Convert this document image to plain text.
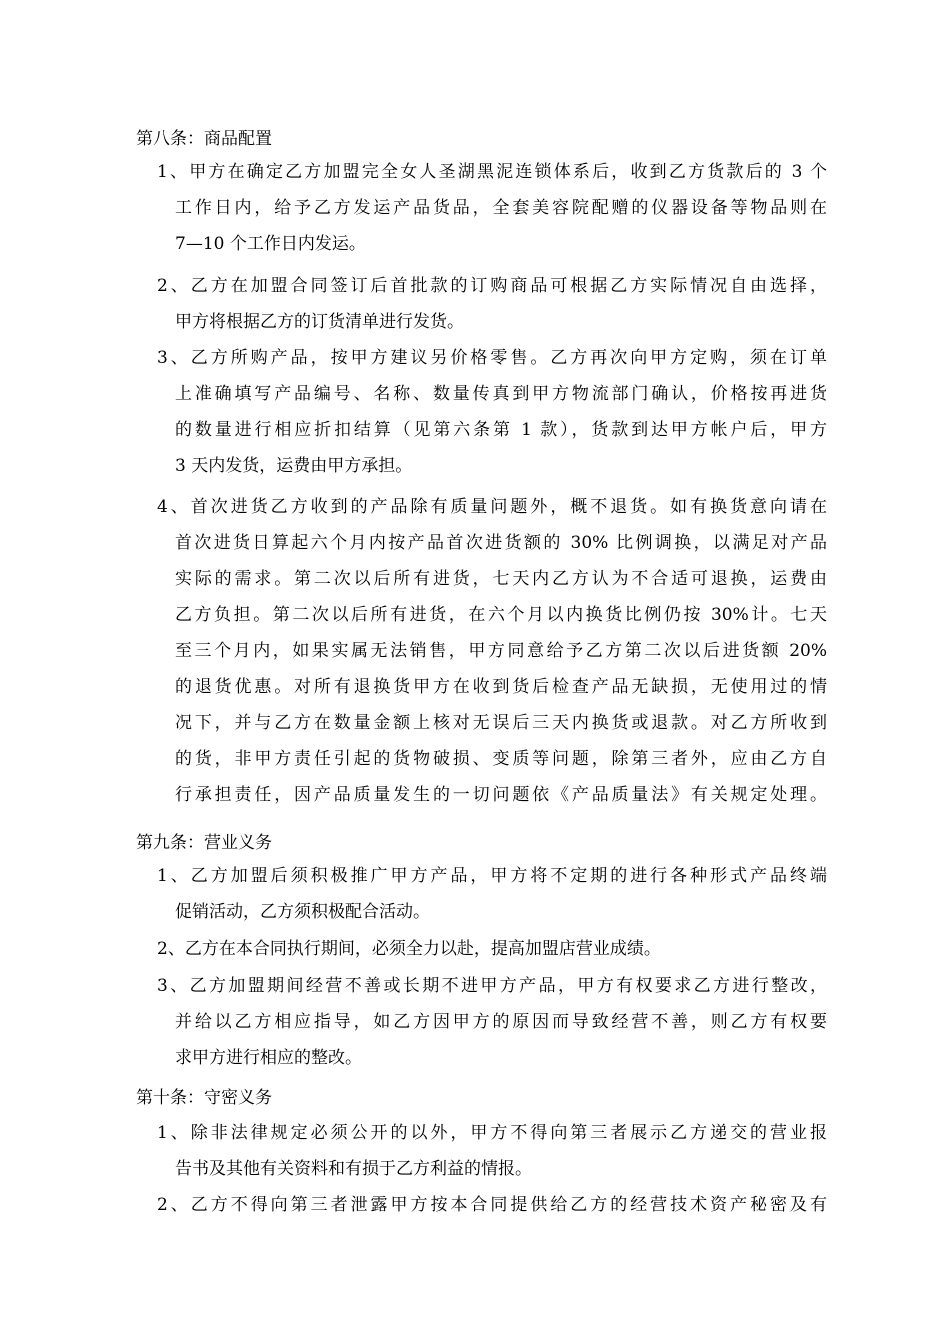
第八条：商品配置
1、甲方在确定乙方加盟完全女人圣湖黑泥连锁体系后，收到乙方货款后的 3 个
工作日内，给予乙方发运产品货品，全套美容院配赠的仪器设备等物品则在
7—10 个工作日内发运。
2、乙方在加盟合同签订后首批款的订购商品可根据乙方实际情况自由选择，
甲方将根据乙方的订货清单进行发货。
3、乙方所购产品，按甲方建议另价格零售。乙方再次向甲方定购，须在订单
上准确填写产品编号、名称、数量传真到甲方物流部门确认，价格按再进货
的数量进行相应折扣结算（见第六条第 1 款），货款到达甲方帐户后，甲方
3 天内发货，运费由甲方承担。
4、首次进货乙方收到的产品除有质量问题外，概不退货。如有换货意向请在
首次进货日算起六个月内按产品首次进货额的 30% 比例调换，以满足对产品
实际的需求。第二次以后所有进货，七天内乙方认为不合适可退换，运费由
乙方负担。第二次以后所有进货，在六个月以内换货比例仍按 30%计。七天
至三个月内，如果实属无法销售，甲方同意给予乙方第二次以后进货额 20%
的退货优惠。对所有退换货甲方在收到货后检查产品无缺损，无使用过的情
况下，并与乙方在数量金额上核对无误后三天内换货或退款。对乙方所收到
的货，非甲方责任引起的货物破损、变质等问题，除第三者外，应由乙方自
行承担责任，因产品质量发生的一切问题依《产品质量法》有关规定处理。
第九条：营业义务
1、乙方加盟后须积极推广甲方产品，甲方将不定期的进行各种形式产品终端
促销活动，乙方须积极配合活动。
2、乙方在本合同执行期间，必须全力以赴，提高加盟店营业成绩。
3、乙方加盟期间经营不善或长期不进甲方产品，甲方有权要求乙方进行整改，
并给以乙方相应指导，如乙方因甲方的原因而导致经营不善，则乙方有权要
求甲方进行相应的整改。
第十条：守密义务
1、除非法律规定必须公开的以外，甲方不得向第三者展示乙方递交的营业报
告书及其他有关资料和有损于乙方利益的情报。
2、乙方不得向第三者泄露甲方按本合同提供给乙方的经营技术资产秘密及有
